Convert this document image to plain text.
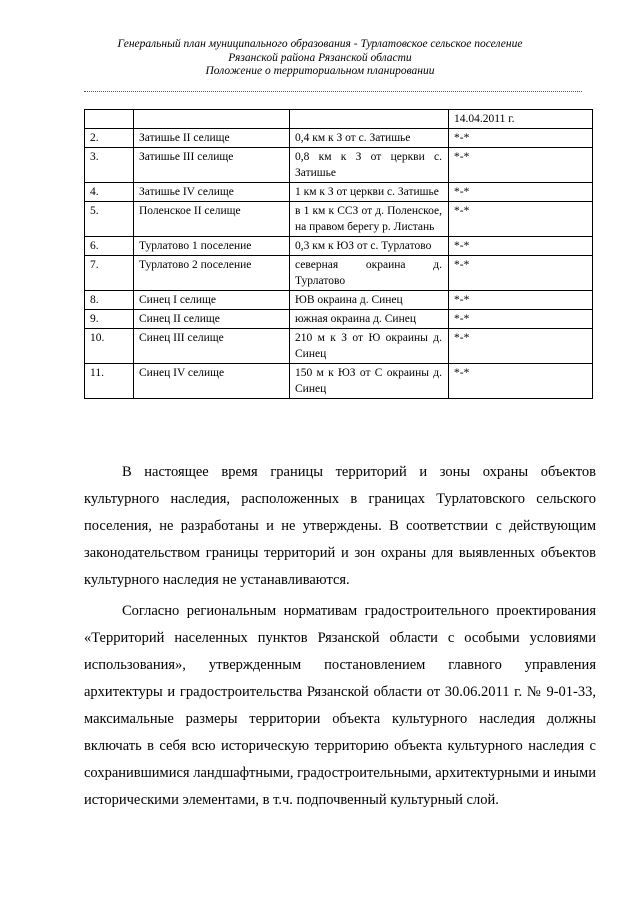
Генеральный план муниципального образования - Турлатовское сельское поселение
Рязанской района Рязанской области
Положение о территориальном планировании
			14.04.2011 г.
2.	Затишье II селище	0,4 км к З от с. Затишье	*-*
3.	Затишье III селище	0,8 км к З от церкви с. Затишье	*-*
4.	Затишье IV селище	1 км к З от церкви с. Затишье	*-*
5.	Поленское II селище	в 1 км к ССЗ от д. Поленское, на правом берегу р. Листань	*-*
6.	Турлатово 1 поселение	0,3 км к ЮЗ от с. Турлатово	*-*
7.	Турлатово 2 поселение	северная окраина д. Турлатово	*-*
8.	Синец I селище	ЮВ окраина д. Синец	*-*
9.	Синец II селище	южная окраина д. Синец	*-*
10.	Синец III селище	210 м к З от Ю окраины д. Синец	*-*
11.	Синец IV селище	150 м к ЮЗ от С окраины д. Синец	*-*

В настоящее время границы территорий и зоны охраны объектов культурного наследия, расположенных в границах Турлатовского сельского поселения, не разработаны и не утверждены. В соответствии с действующим законодательством границы территорий и зон охраны для выявленных объектов культурного наследия не устанавливаются.

Согласно региональным нормативам градостроительного проектирования «Территорий населенных пунктов Рязанской области с особыми условиями использования», утвержденным постановлением главного управления архитектуры и градостроительства Рязанской области от 30.06.2011 г. № 9-01-33, максимальные размеры территории объекта культурного наследия должны включать в себя всю историческую территорию объекта культурного наследия с сохранившимися ландшафтными, градостроительными, архитектурными и иными историческими элементами, в т.ч. подпочвенный культурный слой.
